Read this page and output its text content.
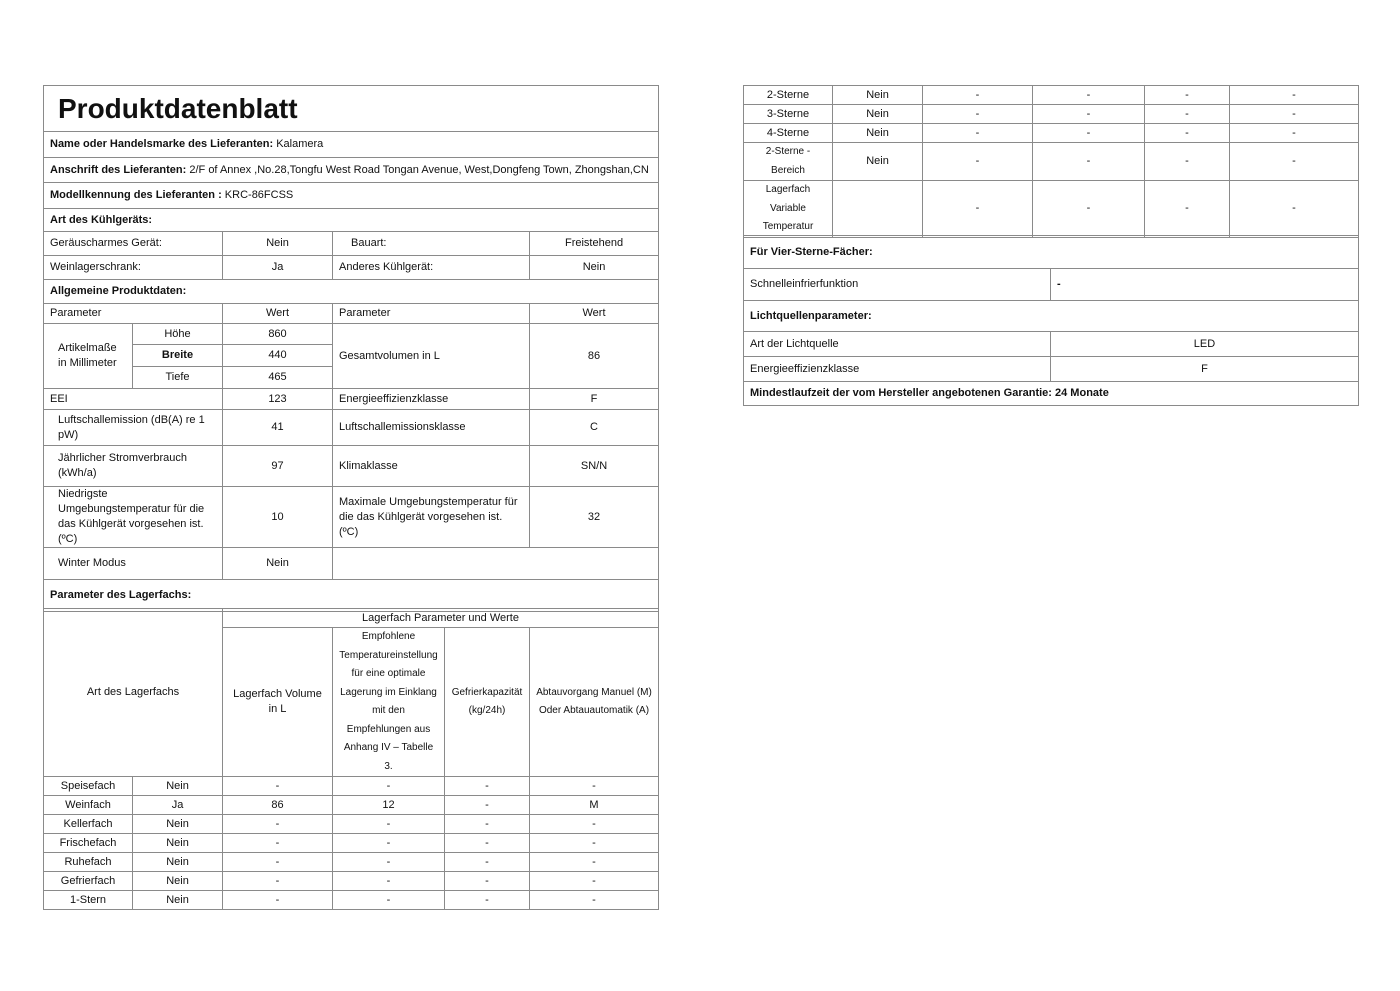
Produktdatenblatt				
Name oder Handelsmarke des Lieferanten: Kalamera				
Anschrift des Lieferanten: 2/F of Annex ,No.28,Tongfu West Road Tongan Avenue, West,Dongfeng Town, Zhongshan,CN				
Modellkennung des Lieferanten : KRC-86FCSS				
Art des Kühlgeräts:				
Geräuscharmes Gerät:		Nein	Bauart:	Freistehend
Weinlagerschrank:		Ja	Anderes Kühlgerät:	Nein
Allgemeine Produktdaten:				
Parameter		Wert	Parameter	Wert
Artikelmaße in Millimeter	Höhe	860	Gesamtvolumen in L	86
	Breite	440		
	Tiefe	465		
EEI		123	Energieeffizienzklasse	F
Luftschallemission (dB(A) re 1 pW)		41	Luftschallemissionsklasse	C
Jährlicher Stromverbrauch (kWh/a)		97	Klimaklasse	SN/N
Niedrigste Umgebungstemperatur für die das Kühlgerät vorgesehen ist. (ºC)		10	Maximale Umgebungstemperatur für die das Kühlgerät vorgesehen ist. (ºC)	32
Winter Modus		Nein		
Parameter des Lagerfachs:				
Art des Lagerfachs		Lagerfach Parameter und Werte			
		Lagerfach Volume in L	Empfohlene Temperatureinstellung für eine optimale Lagerung im Einklang mit den Empfehlungen aus Anhang IV – Tabelle 3.	Gefrierkapazität (kg/24h)	Abtauvorgang Manuel (M) Oder Abtauautomatik (A)
Speisefach	Nein	-	-	-	-
Weinfach	Ja	86	12	-	M
Kellerfach	Nein	-	-	-	-
Frischefach	Nein	-	-	-	-
Ruhefach	Nein	-	-	-	-
Gefrierfach	Nein	-	-	-	-
1-Stern	Nein	-	-	-	-
2-Sterne	Nein	-	-	-	-
3-Sterne	Nein	-	-	-	-
4-Sterne	Nein	-	-	-	-
2-Sterne - Bereich	Nein	-	-	-	-
Lagerfach Variable Temperatur		-	-	-	-
Für Vier-Sterne-Fächer:	
Schnelleinfrierfunktion	-
Lichtquellenparameter:	
Art der Lichtquelle	LED
Energieeffizienzklasse	F
Mindestlaufzeit der vom Hersteller angebotenen Garantie: 24 Monate	
